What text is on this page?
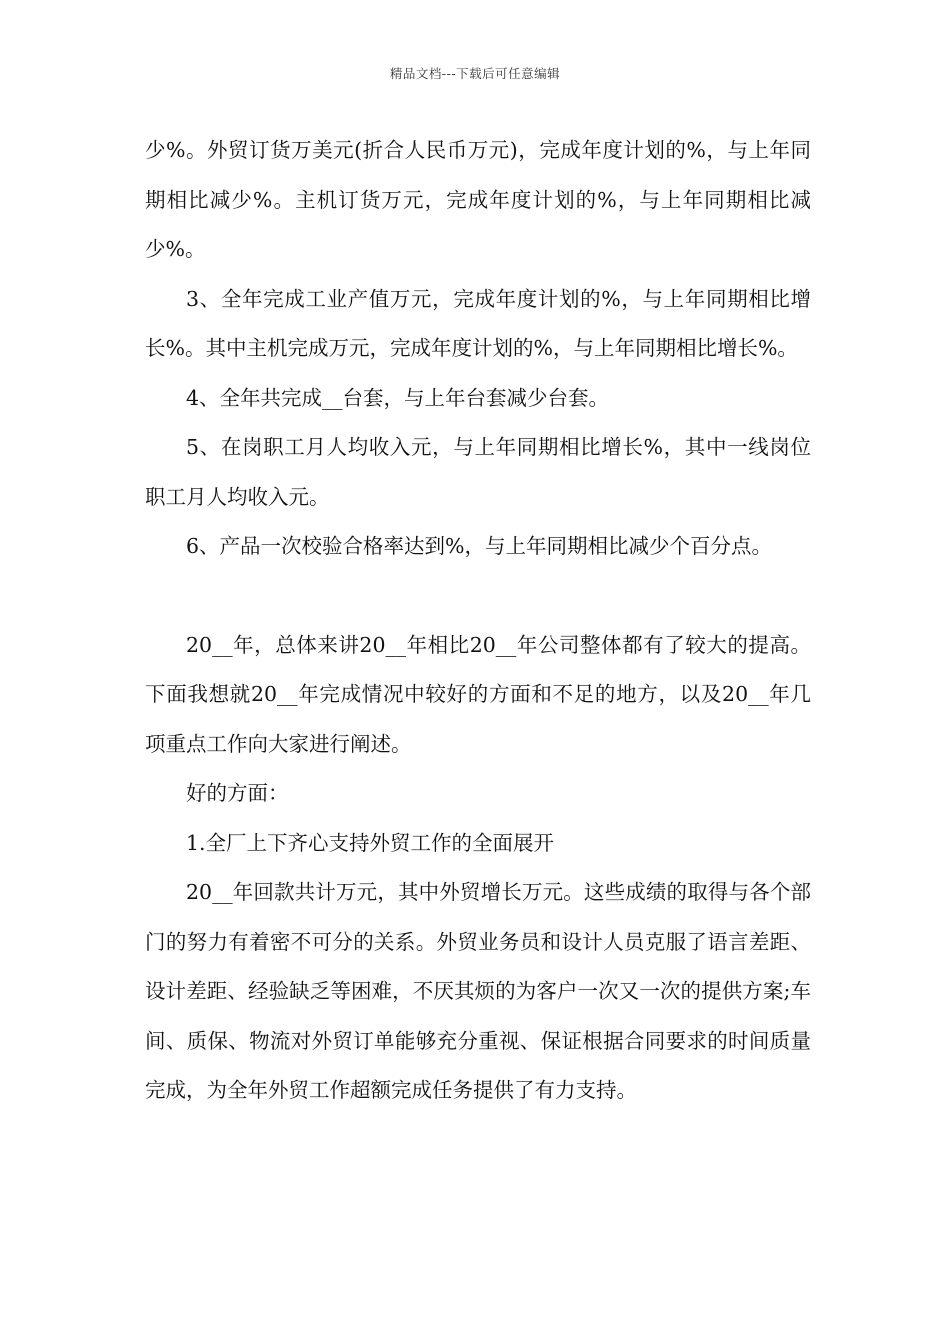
精品文档---下载后可任意编辑

少%。外贸订货万美元(折合人民币万元)，完成年度计划的%，与上年同期相比减少%。主机订货万元，完成年度计划的%，与上年同期相比减少%。

3、全年完成工业产值万元，完成年度计划的%，与上年同期相比增长%。其中主机完成万元，完成年度计划的%，与上年同期相比增长%。

4、全年共完成__台套，与上年台套减少台套。

5、在岗职工月人均收入元，与上年同期相比增长%，其中一线岗位职工月人均收入元。

6、产品一次校验合格率达到%，与上年同期相比减少个百分点。

20__年，总体来讲20__年相比20__年公司整体都有了较大的提高。下面我想就20__年完成情况中较好的方面和不足的地方，以及20__年几项重点工作向大家进行阐述。

好的方面：

1.全厂上下齐心支持外贸工作的全面展开

20__年回款共计万元，其中外贸增长万元。这些成绩的取得与各个部门的努力有着密不可分的关系。外贸业务员和设计人员克服了语言差距、设计差距、经验缺乏等困难，不厌其烦的为客户一次又一次的提供方案;车间、质保、物流对外贸订单能够充分重视、保证根据合同要求的时间质量完成，为全年外贸工作超额完成任务提供了有力支持。
